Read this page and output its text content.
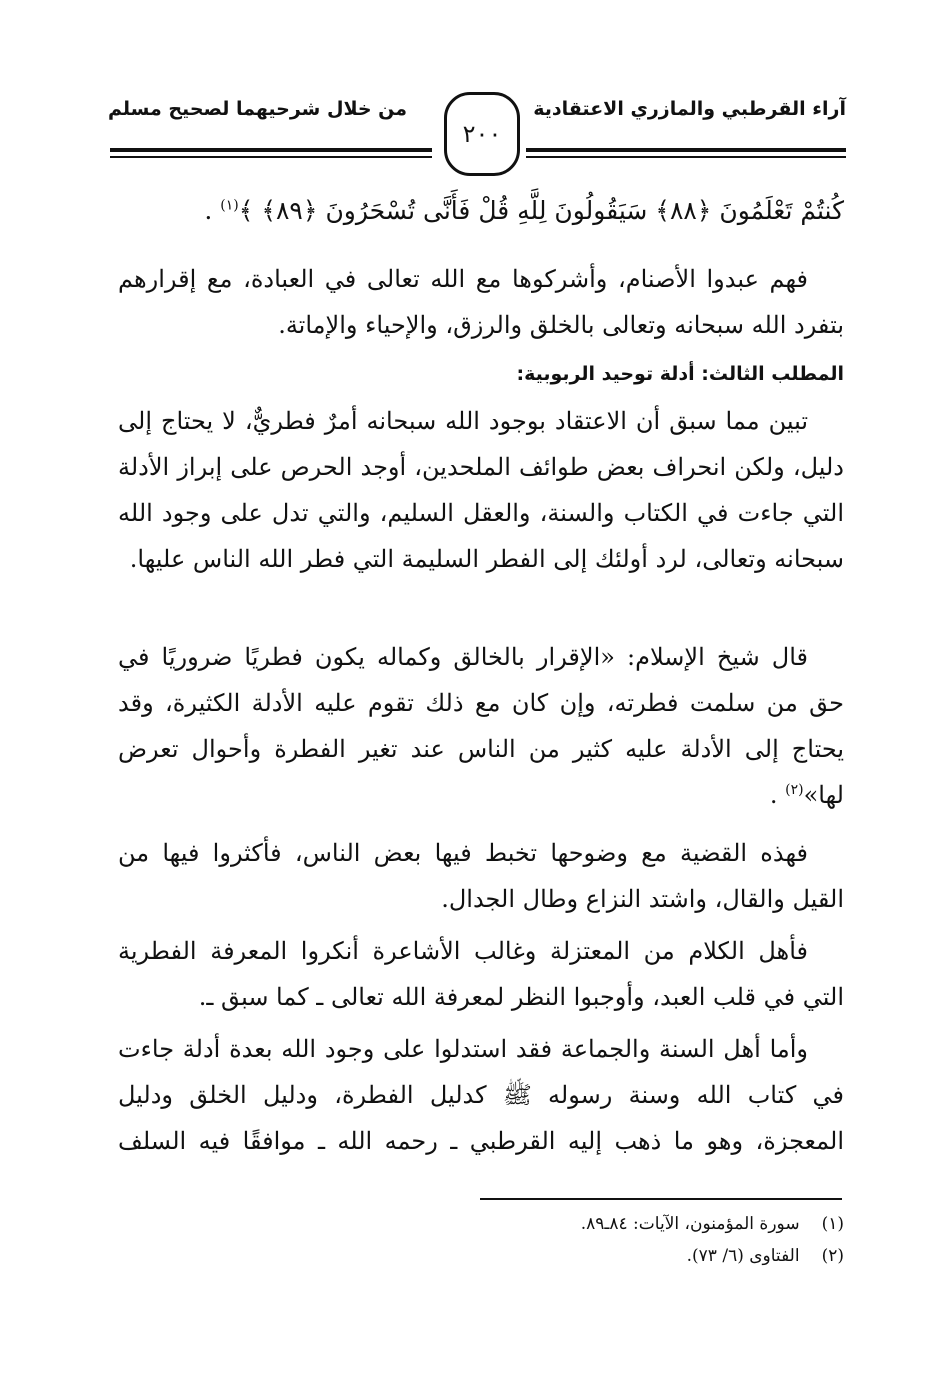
آراء القرطبي والمازري الاعتقادية
من خلال شرحيهما لصحيح مسلم
٢٠٠
كُنتُمْ تَعْلَمُونَ ﴿٨٨﴾ سَيَقُولُونَ لِلَّهِ قُلْ فَأَنَّى تُسْحَرُونَ ﴿٨٩﴾ ﴾$^{(١)}$ .

فهم عبدوا الأصنام، وأشركوها مع الله تعالى في العبادة، مع إقرارهم بتفرد الله سبحانه وتعالى بالخلق والرزق، والإحياء والإماتة.

المطلب الثالث: أدلة توحيد الربوبية:

تبين مما سبق أن الاعتقاد بوجود الله سبحانه أمرٌ فطريٌّ، لا يحتاج إلى دليل، ولكن انحراف بعض طوائف الملحدين، أوجد الحرص على إبراز الأدلة التي جاءت في الكتاب والسنة، والعقل السليم، والتي تدل على وجود الله سبحانه وتعالى، لرد أولئك إلى الفطر السليمة التي فطر الله الناس عليها.

قال شيخ الإسلام: «الإقرار بالخالق وكماله يكون فطريًا ضروريًا في حق من سلمت فطرته، وإن كان مع ذلك تقوم عليه الأدلة الكثيرة، وقد يحتاج إلى الأدلة عليه كثير من الناس عند تغير الفطرة وأحوال تعرض لها»$^{(٢)}$ .

فهذه القضية مع وضوحها تخبط فيها بعض الناس، فأكثروا فيها من القيل والقال، واشتد النزاع وطال الجدال.

فأهل الكلام من المعتزلة وغالب الأشاعرة أنكروا المعرفة الفطرية التي في قلب العبد، وأوجبوا النظر لمعرفة الله تعالى ـ كما سبق ـ.

وأما أهل السنة والجماعة فقد استدلوا على وجود الله بعدة أدلة جاءت في كتاب الله وسنة رسوله ﷺ كدليل الفطرة، ودليل الخلق ودليل المعجزة، وهو ما ذهب إليه القرطبي ـ رحمه الله ـ موافقًا فيه السلف

(١)
سورة المؤمنون، الآيات: ٨٤ـ٨٩.
(٢)
الفتاوى (٦/ ٧٣).
